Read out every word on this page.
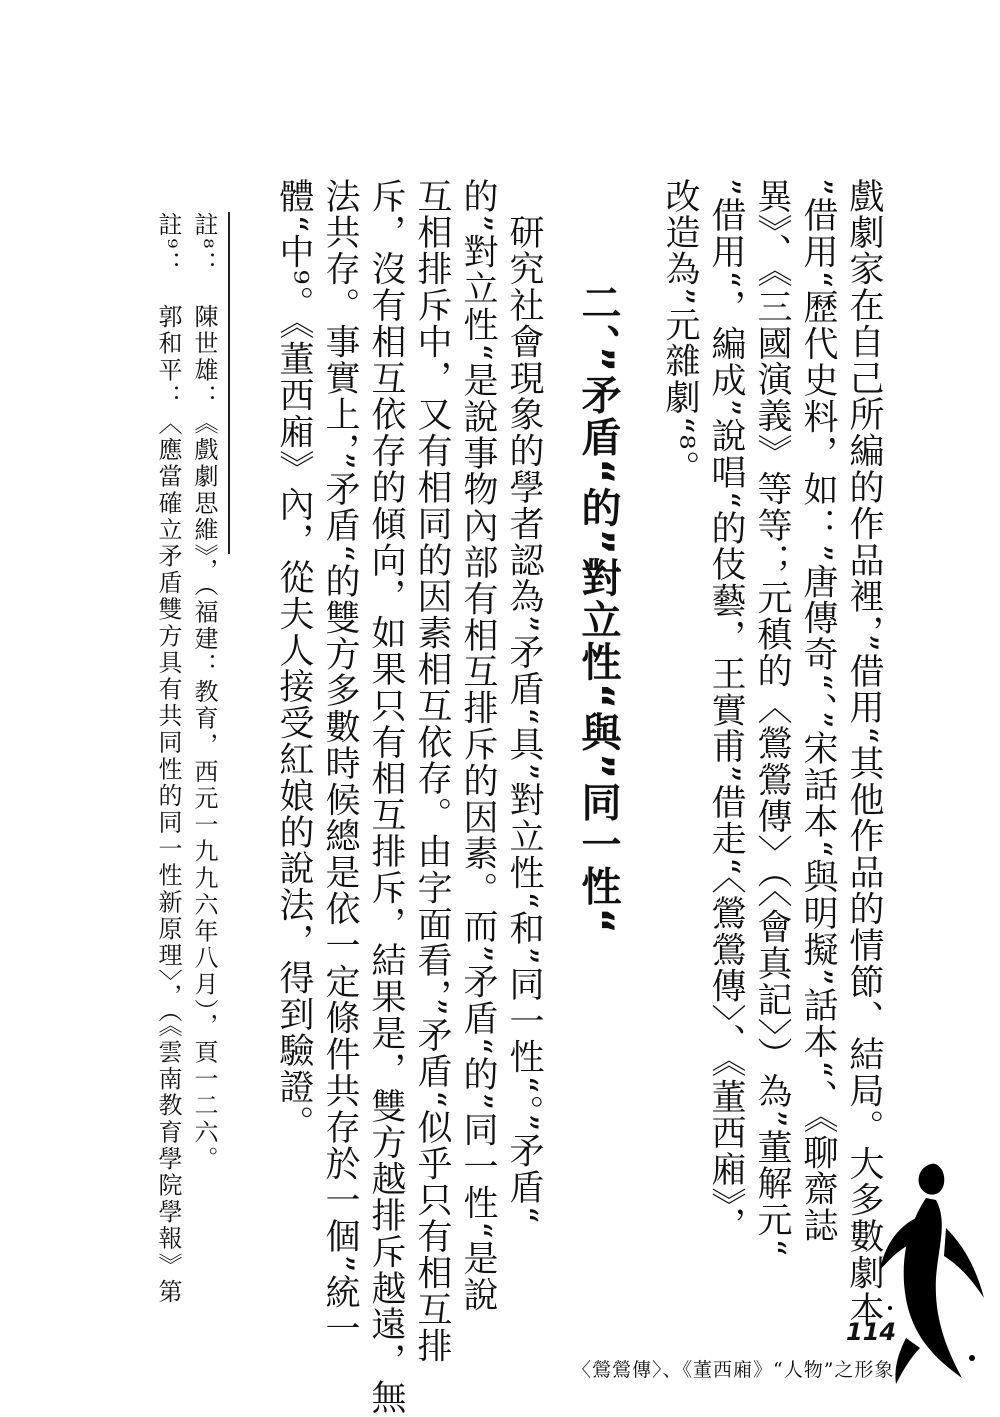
戲劇家在自己所編的作品裡，”借用“其他作品的情節、結局。大多數劇本
”借用“歷代史料，如：”唐傳奇“、”宋話本“與明擬”話本“、《聊齋誌
異》、《三國演義》等等；元稹的〈鶯鶯傳〉（〈會真記〉）為”董解元“
”借用“，編成”說唱“的伎藝，王實甫”借走“〈鶯鶯傳〉、《董西廂》，
改造為”元雜劇“⁸。
二、”矛盾“的”對立性“與”同一性“
　研究社會現象的學者認為”矛盾“具”對立性“和”同一性“。”矛盾“
的”對立性“是說事物內部有相互排斥的因素。而”矛盾“的”同一性“是說
互相排斥中，又有相同的因素相互依存。由字面看，”矛盾“似乎只有相互排
斥，沒有相互依存的傾向，如果只有相互排斥，結果是，雙方越排斥越遠，無
法共存。事實上，”矛盾“的雙方多數時候總是依一定條件共存於一個”統一
體“中⁹。《董西廂》內，從夫人接受紅娘的說法，得到驗證。
註⁸：　陳世雄：《戲劇思維》，（福建：教育，西元一九九六年八月），頁一二六。
註⁹：　郭和平：〈應當確立矛盾雙方具有共同性的同一性新原理〉，（《雲南教育學院學報》第
114
〈鶯鶯傳〉、《董西廂》“人物”之形象
